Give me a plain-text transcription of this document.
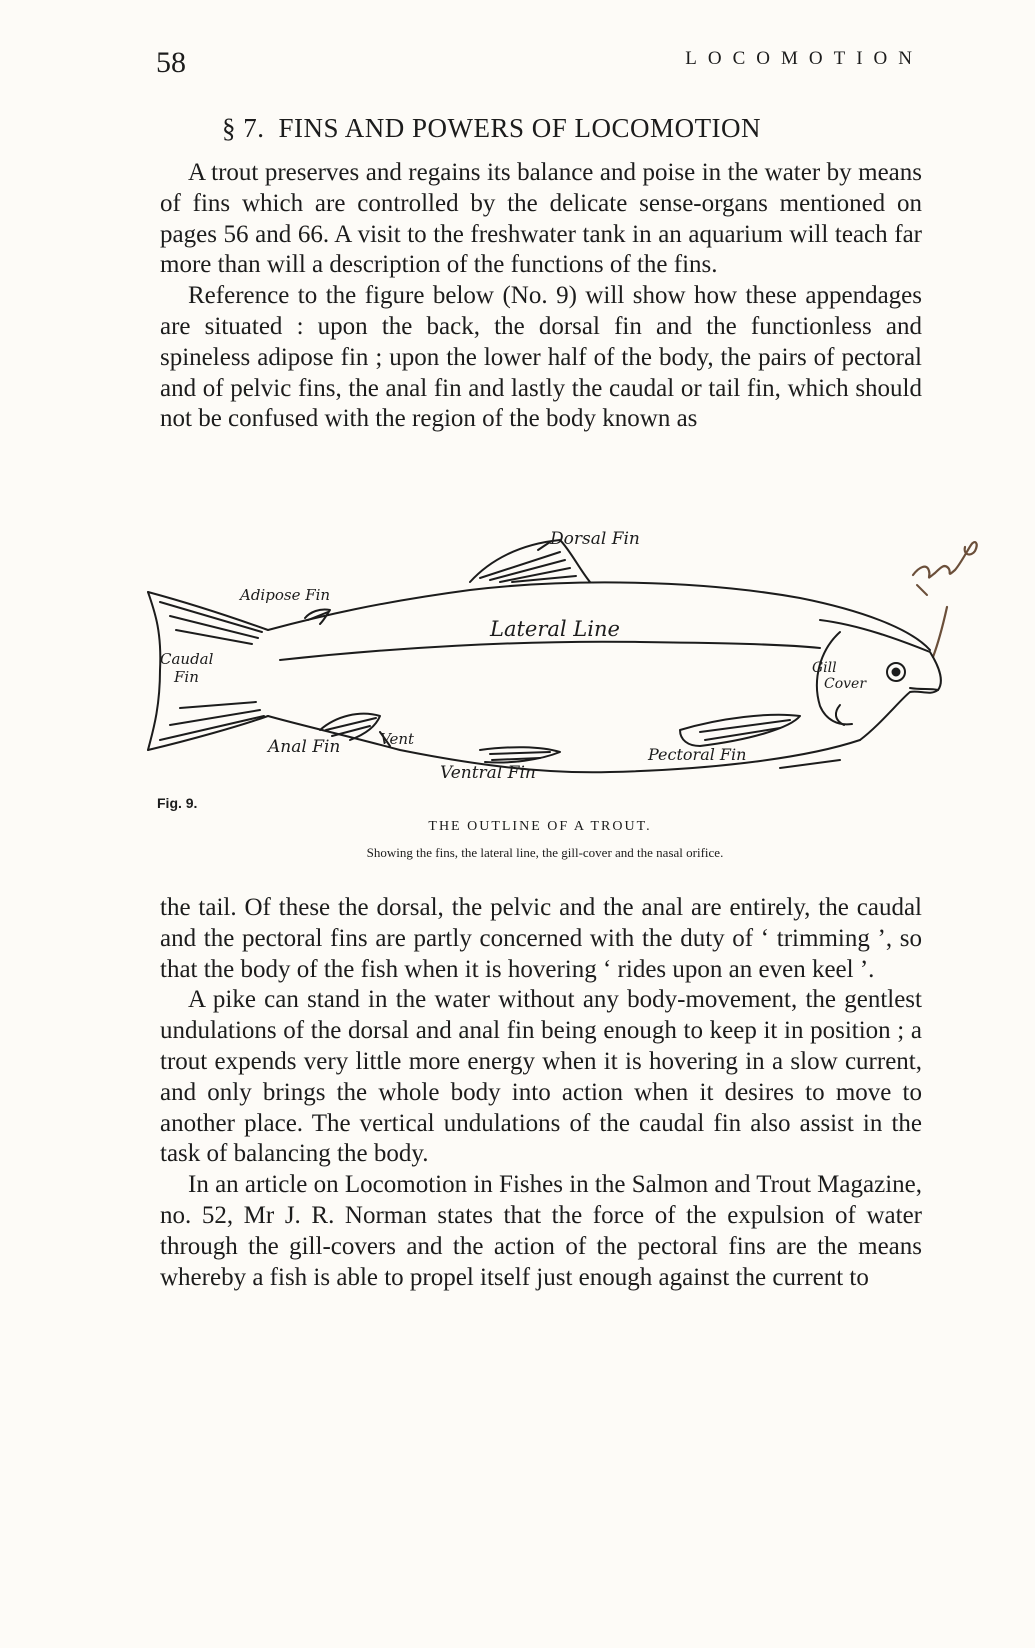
58	LOCOMOTION
§ 7. FINS AND POWERS OF LOCOMOTION

A trout preserves and regains its balance and poise in the water by means of fins which are controlled by the delicate sense-organs mentioned on pages 56 and 66. A visit to the freshwater tank in an aquarium will teach far more than will a description of the functions of the fins.

Reference to the figure below (No. 9) will show how these appendages are situated : upon the back, the dorsal fin and the functionless and spineless adipose fin ; upon the lower half of the body, the pairs of pectoral and of pelvic fins, the anal fin and lastly the caudal or tail fin, which should not be confused with the region of the body known as

Dorsal Fin
Adipose Fin
Lateral Line
Caudal
Fin	Gill
Cover
Anal Fin	Vent
Ventral Fin
Pectoral Fin
Fig. 9.
THE OUTLINE OF A TROUT.
Showing the fins, the lateral line, the gill-cover and the nasal orifice.

the tail. Of these the dorsal, the pelvic and the anal are entirely, the caudal and the pectoral fins are partly concerned with the duty of ‘ trimming ’, so that the body of the fish when it is hovering ‘ rides upon an even keel ’.

A pike can stand in the water without any body-movement, the gentlest undulations of the dorsal and anal fin being enough to keep it in position ; a trout expends very little more energy when it is hovering in a slow current, and only brings the whole body into action when it desires to move to another place. The vertical undulations of the caudal fin also assist in the task of balancing the body.

In an article on Locomotion in Fishes in the Salmon and Trout Magazine, no. 52, Mr J. R. Norman states that the force of the expulsion of water through the gill-covers and the action of the pectoral fins are the means whereby a fish is able to propel itself just enough against the current to
